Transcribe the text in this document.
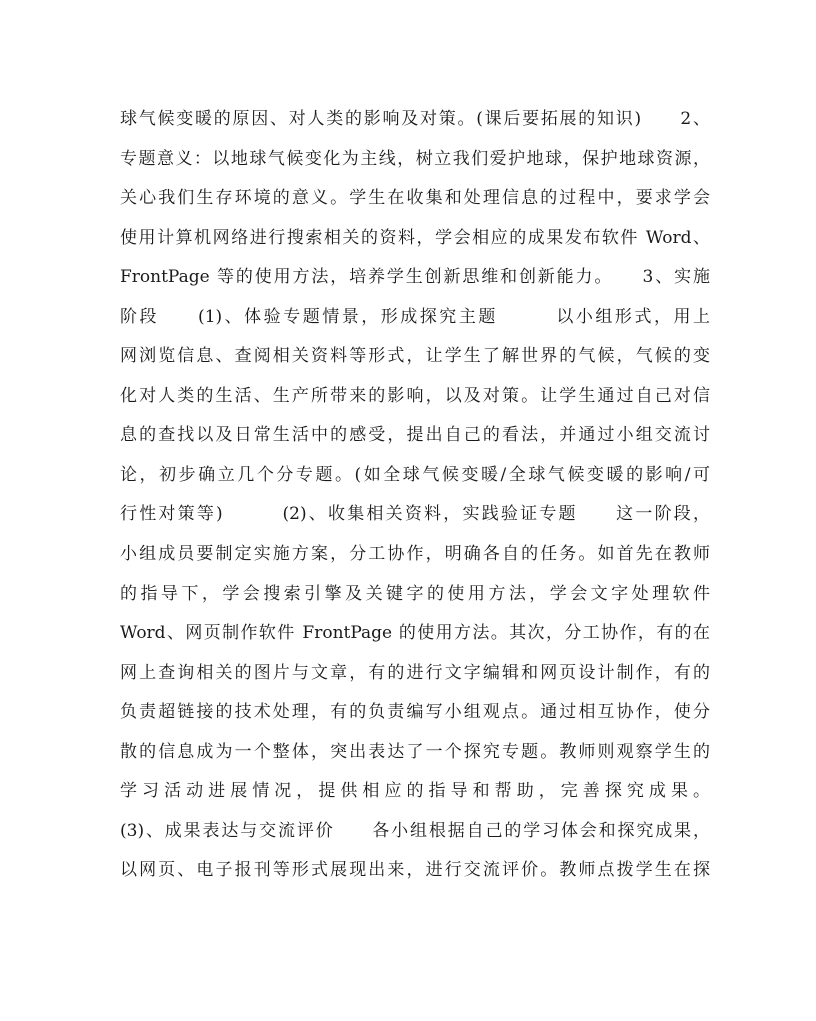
球气候变暖的原因、对人类的影响及对策。(课后要拓展的知识)　　2、
专题意义：以地球气候变化为主线，树立我们爱护地球，保护地球资源，
关心我们生存环境的意义。学生在收集和处理信息的过程中，要求学会
使用计算机网络进行搜索相关的资料，学会相应的成果发布软件 Word、
FrontPage 等的使用方法，培养学生创新思维和创新能力。　　3、实施
阶段　　(1)、体验专题情景，形成探究主题　　　以小组形式，用上
网浏览信息、查阅相关资料等形式，让学生了解世界的气候，气候的变
化对人类的生活、生产所带来的影响，以及对策。让学生通过自己对信
息的查找以及日常生活中的感受，提出自己的看法，并通过小组交流讨
论，初步确立几个分专题。(如全球气候变暖/全球气候变暖的影响/可
行性对策等)　　　(2)、收集相关资料，实践验证专题　　这一阶段，
小组成员要制定实施方案，分工协作，明确各自的任务。如首先在教师
的指导下，学会搜索引擎及关键字的使用方法，学会文字处理软件
Word、网页制作软件 FrontPage 的使用方法。其次，分工协作，有的在
网上查询相关的图片与文章，有的进行文字编辑和网页设计制作，有的
负责超链接的技术处理，有的负责编写小组观点。通过相互协作，使分
散的信息成为一个整体，突出表达了一个探究专题。教师则观察学生的
学习活动进展情况，提供相应的指导和帮助，完善探究成果。
(3)、成果表达与交流评价　　各小组根据自己的学习体会和探究成果，
以网页、电子报刊等形式展现出来，进行交流评价。教师点拨学生在探
